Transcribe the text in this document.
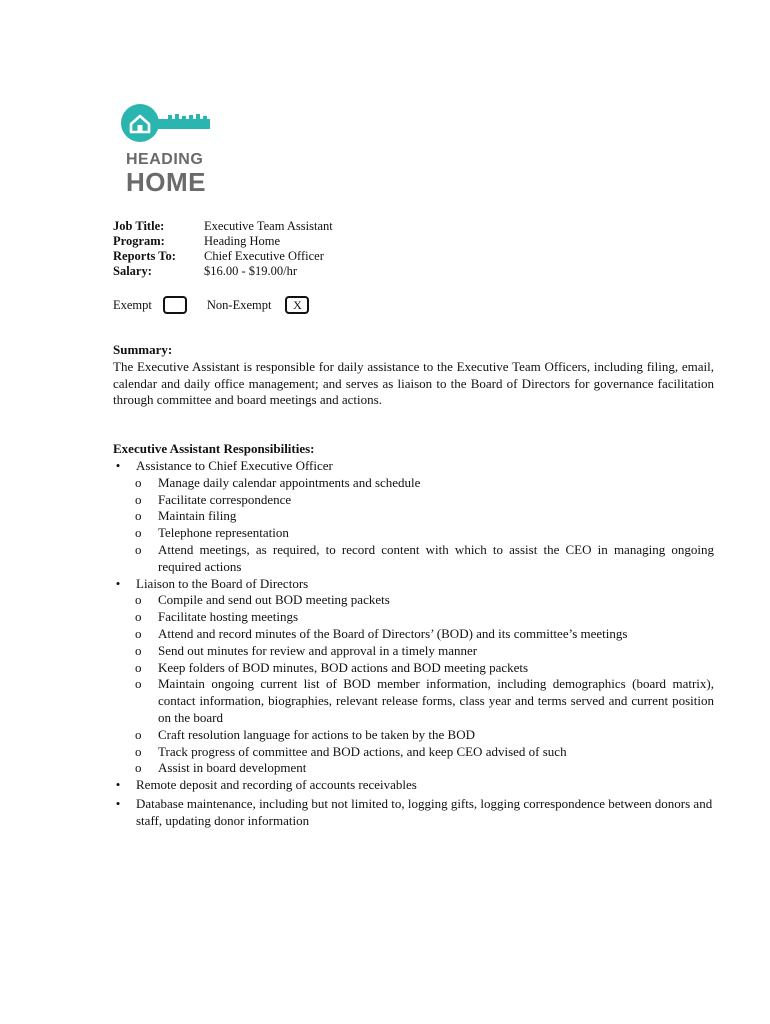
HEADING
HOME
Job Title:	Executive Team Assistant
Program:	Heading Home
Reports To:	Chief Executive Officer
Salary:	$16.00 - $19.00/hr
Exempt	Non-Exempt	X
Summary:
The Executive Assistant is responsible for daily assistance to the Executive Team Officers, including filing, email, calendar and daily office management; and serves as liaison to the Board of Directors for governance facilitation through committee and board meetings and actions.
Executive Assistant Responsibilities:
• Assistance to Chief Executive Officer
o	Manage daily calendar appointments and schedule
o	Facilitate correspondence
o	Maintain filing
o	Telephone representation
o	Attend meetings, as required, to record content with which to assist the CEO in managing ongoing required actions
• Liaison to the Board of Directors
o	Compile and send out BOD meeting packets
o	Facilitate hosting meetings
o	Attend and record minutes of the Board of Directors’ (BOD) and its committee’s meetings
o	Send out minutes for review and approval in a timely manner
o	Keep folders of BOD minutes, BOD actions and BOD meeting packets
o	Maintain ongoing current list of BOD member information, including demographics (board matrix), contact information, biographies, relevant release forms, class year and terms served and current position on the board
o	Craft resolution language for actions to be taken by the BOD
o	Track progress of committee and BOD actions, and keep CEO advised of such
o	Assist in board development
• Remote deposit and recording of accounts receivables
• Database maintenance, including but not limited to, logging gifts, logging correspondence between donors and staff, updating donor information
